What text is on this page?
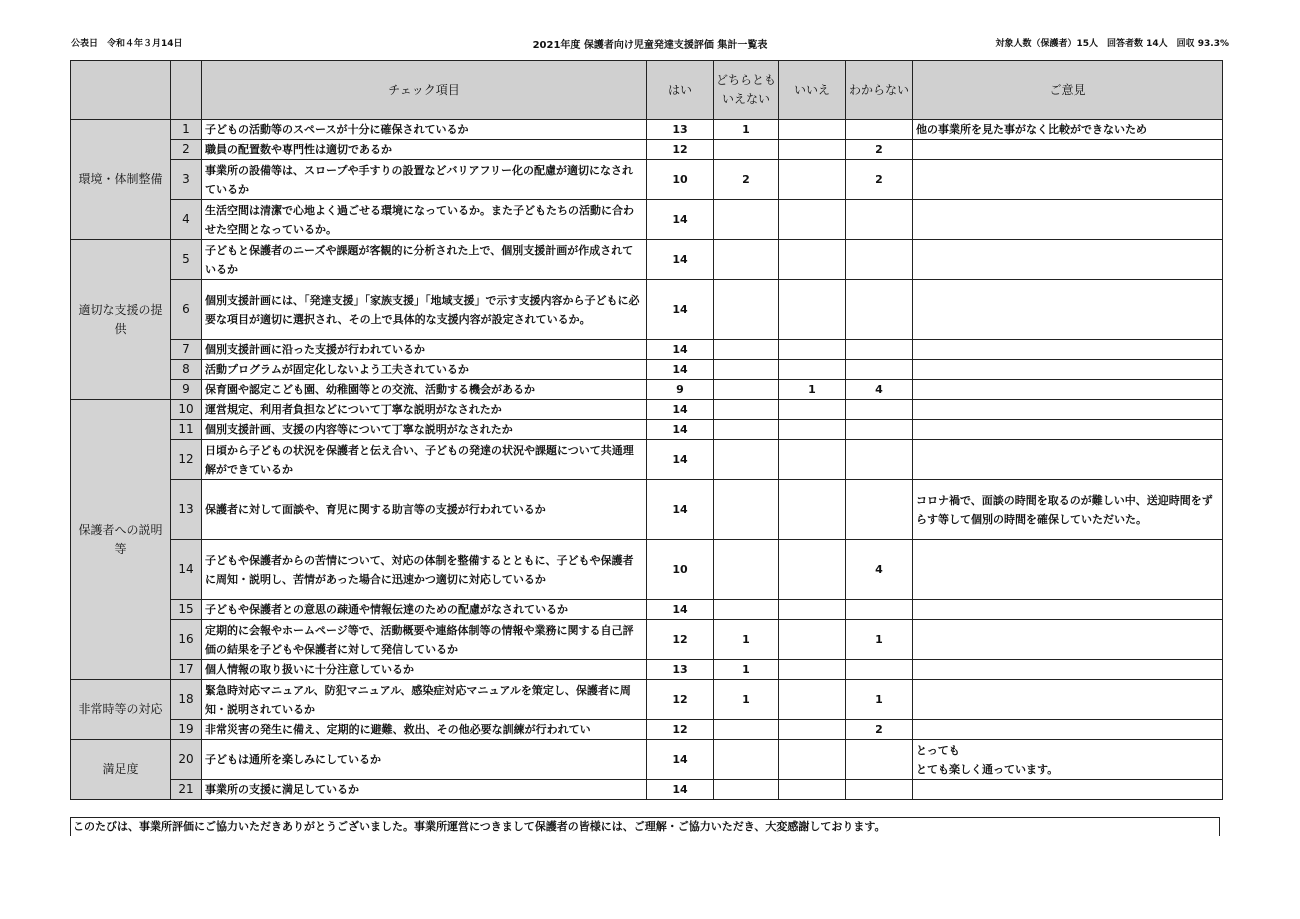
公表日　令和４年３月14日	2021年度 保護者向け児童発達支援評価 集計一覧表	対象人数（保護者）15人　回答者数 14人　回収 93.3%
		チェック項目	はい	どちらともいえない	いいえ	わからない	ご意見
環境・体制整備	1	子どもの活動等のスペースが十分に確保されているか	13	1			他の事業所を見た事がなく比較ができないため
	2	職員の配置数や専門性は適切であるか	12			2	
	3	事業所の設備等は、スロープや手すりの設置などバリアフリー化の配慮が適切になされているか	10	2		2	
	4	生活空間は清潔で心地よく過ごせる環境になっているか。また子どもたちの活動に合わせた空間となっているか。	14				
適切な支援の提供	5	子どもと保護者のニーズや課題が客観的に分析された上で、個別支援計画が作成されているか	14				
	6	個別支援計画には、「発達支援」「家族支援」「地域支援」で示す支援内容から子どもに必要な項目が適切に選択され、その上で具体的な支援内容が設定されているか。	14				
	7	個別支援計画に沿った支援が行われているか	14				
	8	活動プログラムが固定化しないよう工夫されているか	14				
	9	保育園や認定こども園、幼稚園等との交流、活動する機会があるか	9		1	4	
保護者への説明等	10	運営規定、利用者負担などについて丁寧な説明がなされたか	14				
	11	個別支援計画、支援の内容等について丁寧な説明がなされたか	14				
	12	日頃から子どもの状況を保護者と伝え合い、子どもの発達の状況や課題について共通理解ができているか	14				
	13	保護者に対して面談や、育児に関する助言等の支援が行われているか	14				コロナ禍で、面談の時間を取るのが難しい中、送迎時間をずらす等して個別の時間を確保していただいた。
	14	子どもや保護者からの苦情について、対応の体制を整備するとともに、子どもや保護者に周知・説明し、苦情があった場合に迅速かつ適切に対応しているか	10			4	
	15	子どもや保護者との意思の疎通や情報伝達のための配慮がなされているか	14				
	16	定期的に会報やホームページ等で、活動概要や連絡体制等の情報や業務に関する自己評価の結果を子どもや保護者に対して発信しているか	12	1		1	
	17	個人情報の取り扱いに十分注意しているか	13	1			
非常時等の対応	18	緊急時対応マニュアル、防犯マニュアル、感染症対応マニュアルを策定し、保護者に周知・説明されているか	12	1		1	
	19	非常災害の発生に備え、定期的に避難、救出、その他必要な訓練が行われてい	12			2	
満足度	20	子どもは通所を楽しみにしているか	14				とっても
とても楽しく通っています。
	21	事業所の支援に満足しているか	14				
このたびは、事業所評価にご協力いただきありがとうございました。事業所運営につきまして保護者の皆様には、ご理解・ご協力いただき、大変感謝しております。
